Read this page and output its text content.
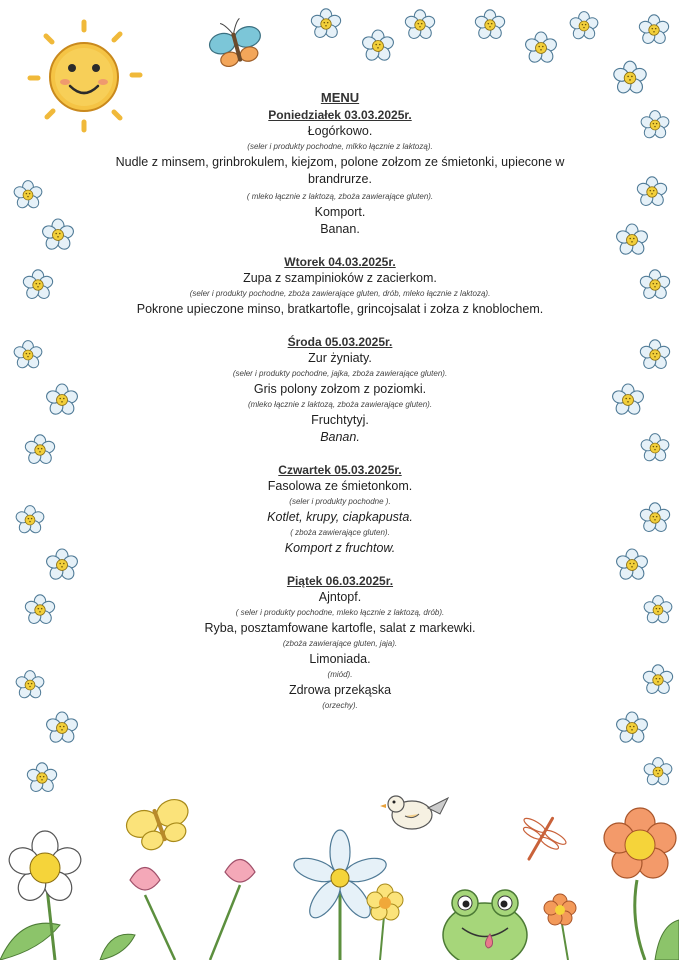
MENU
Poniedziałek 03.03.2025r.
Łogórkowo.
(seler i produkty pochodne, mlkko łącznie z laktozą).
Nudle z minsem, grinbrokulem, kiejzom, polone zołzom ze śmietonki, upiecone w brandrurze.
( mleko łącznie z laktozą, zboża zawierające gluten).
Komport.
Banan.
Wtorek 04.03.2025r.
Zupa z szampinioków z zacierkom.
(seler i produkty pochodne, zboża zawierające gluten, drób, mleko łącznie z laktozą).
Pokrone upieczone minso, bratkartofle, grincojsalat i zołza z knoblochem.
Środa 05.03.2025r.
Zur żyniaty.
(seler i produkty pochodne, jajka, zboża zawierające gluten).
Gris polony zołzom z poziomki.
(mleko łącznie z laktozą, zboża zawierające gluten).
Fruchtytyj.
Banan.
Czwartek 05.03.2025r.
Fasolowa ze śmietonkom.
(seler i produkty pochodne ).
Kotlet, krupy, ciapkapusta.
( zboża zawierające gluten).
Komport z fruchtow.
Piątek 06.03.2025r.
Ajntopf.
( seler i produkty pochodne, mleko łącznie z laktozą, drób).
Ryba, posztamfowane kartofle, salat z markewki.
(zboża zawierające gluten, jaja).
Limoniada.
(miód).
Zdrowa przekąska
(orzechy).
